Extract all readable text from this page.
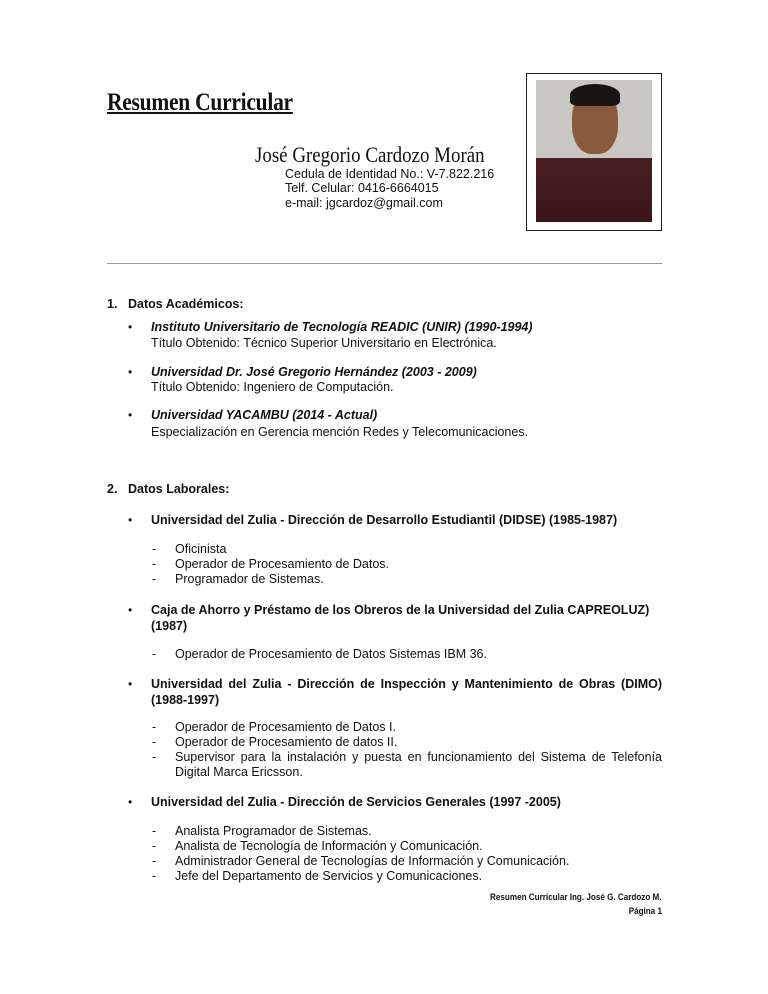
Resumen Curricular
José Gregorio Cardozo Morán
Cedula de Identidad No.: V-7.822.216
Telf. Celular: 0416-6664015
e-mail: jgcardoz@gmail.com
1. Datos Académicos:
• Instituto Universitario de Tecnología READIC (UNIR) (1990-1994)
Título Obtenido: Técnico Superior Universitario en Electrónica.
• Universidad Dr. José Gregorio Hernández (2003 - 2009)
Título Obtenido: Ingeniero de Computación.
• Universidad YACAMBU (2014 - Actual)
Especialización en Gerencia mención Redes y Telecomunicaciones.
2. Datos Laborales:
• Universidad del Zulia - Dirección de Desarrollo Estudiantil (DIDSE) (1985-1987)
- Oficinista
- Operador de Procesamiento de Datos.
- Programador de Sistemas.
• Caja de Ahorro y Préstamo de los Obreros de la Universidad del Zulia CAPREOLUZ)
(1987)
- Operador de Procesamiento de Datos Sistemas IBM 36.
• Universidad del Zulia - Dirección de Inspección y Mantenimiento de Obras (DIMO)
(1988-1997)
- Operador de Procesamiento de Datos I.
- Operador de Procesamiento de datos II.
- Supervisor para la instalación y puesta en funcionamiento del Sistema de Telefonía
Digital Marca Ericsson.
• Universidad del Zulia - Dirección de Servicios Generales (1997 -2005)
- Analista Programador de Sistemas.
- Analista de Tecnología de Información y Comunicación.
- Administrador General de Tecnologías de Información y Comunicación.
- Jefe del Departamento de Servicios y Comunicaciones.
Resumen Curricular Ing. José G. Cardozo M.
Página 1
